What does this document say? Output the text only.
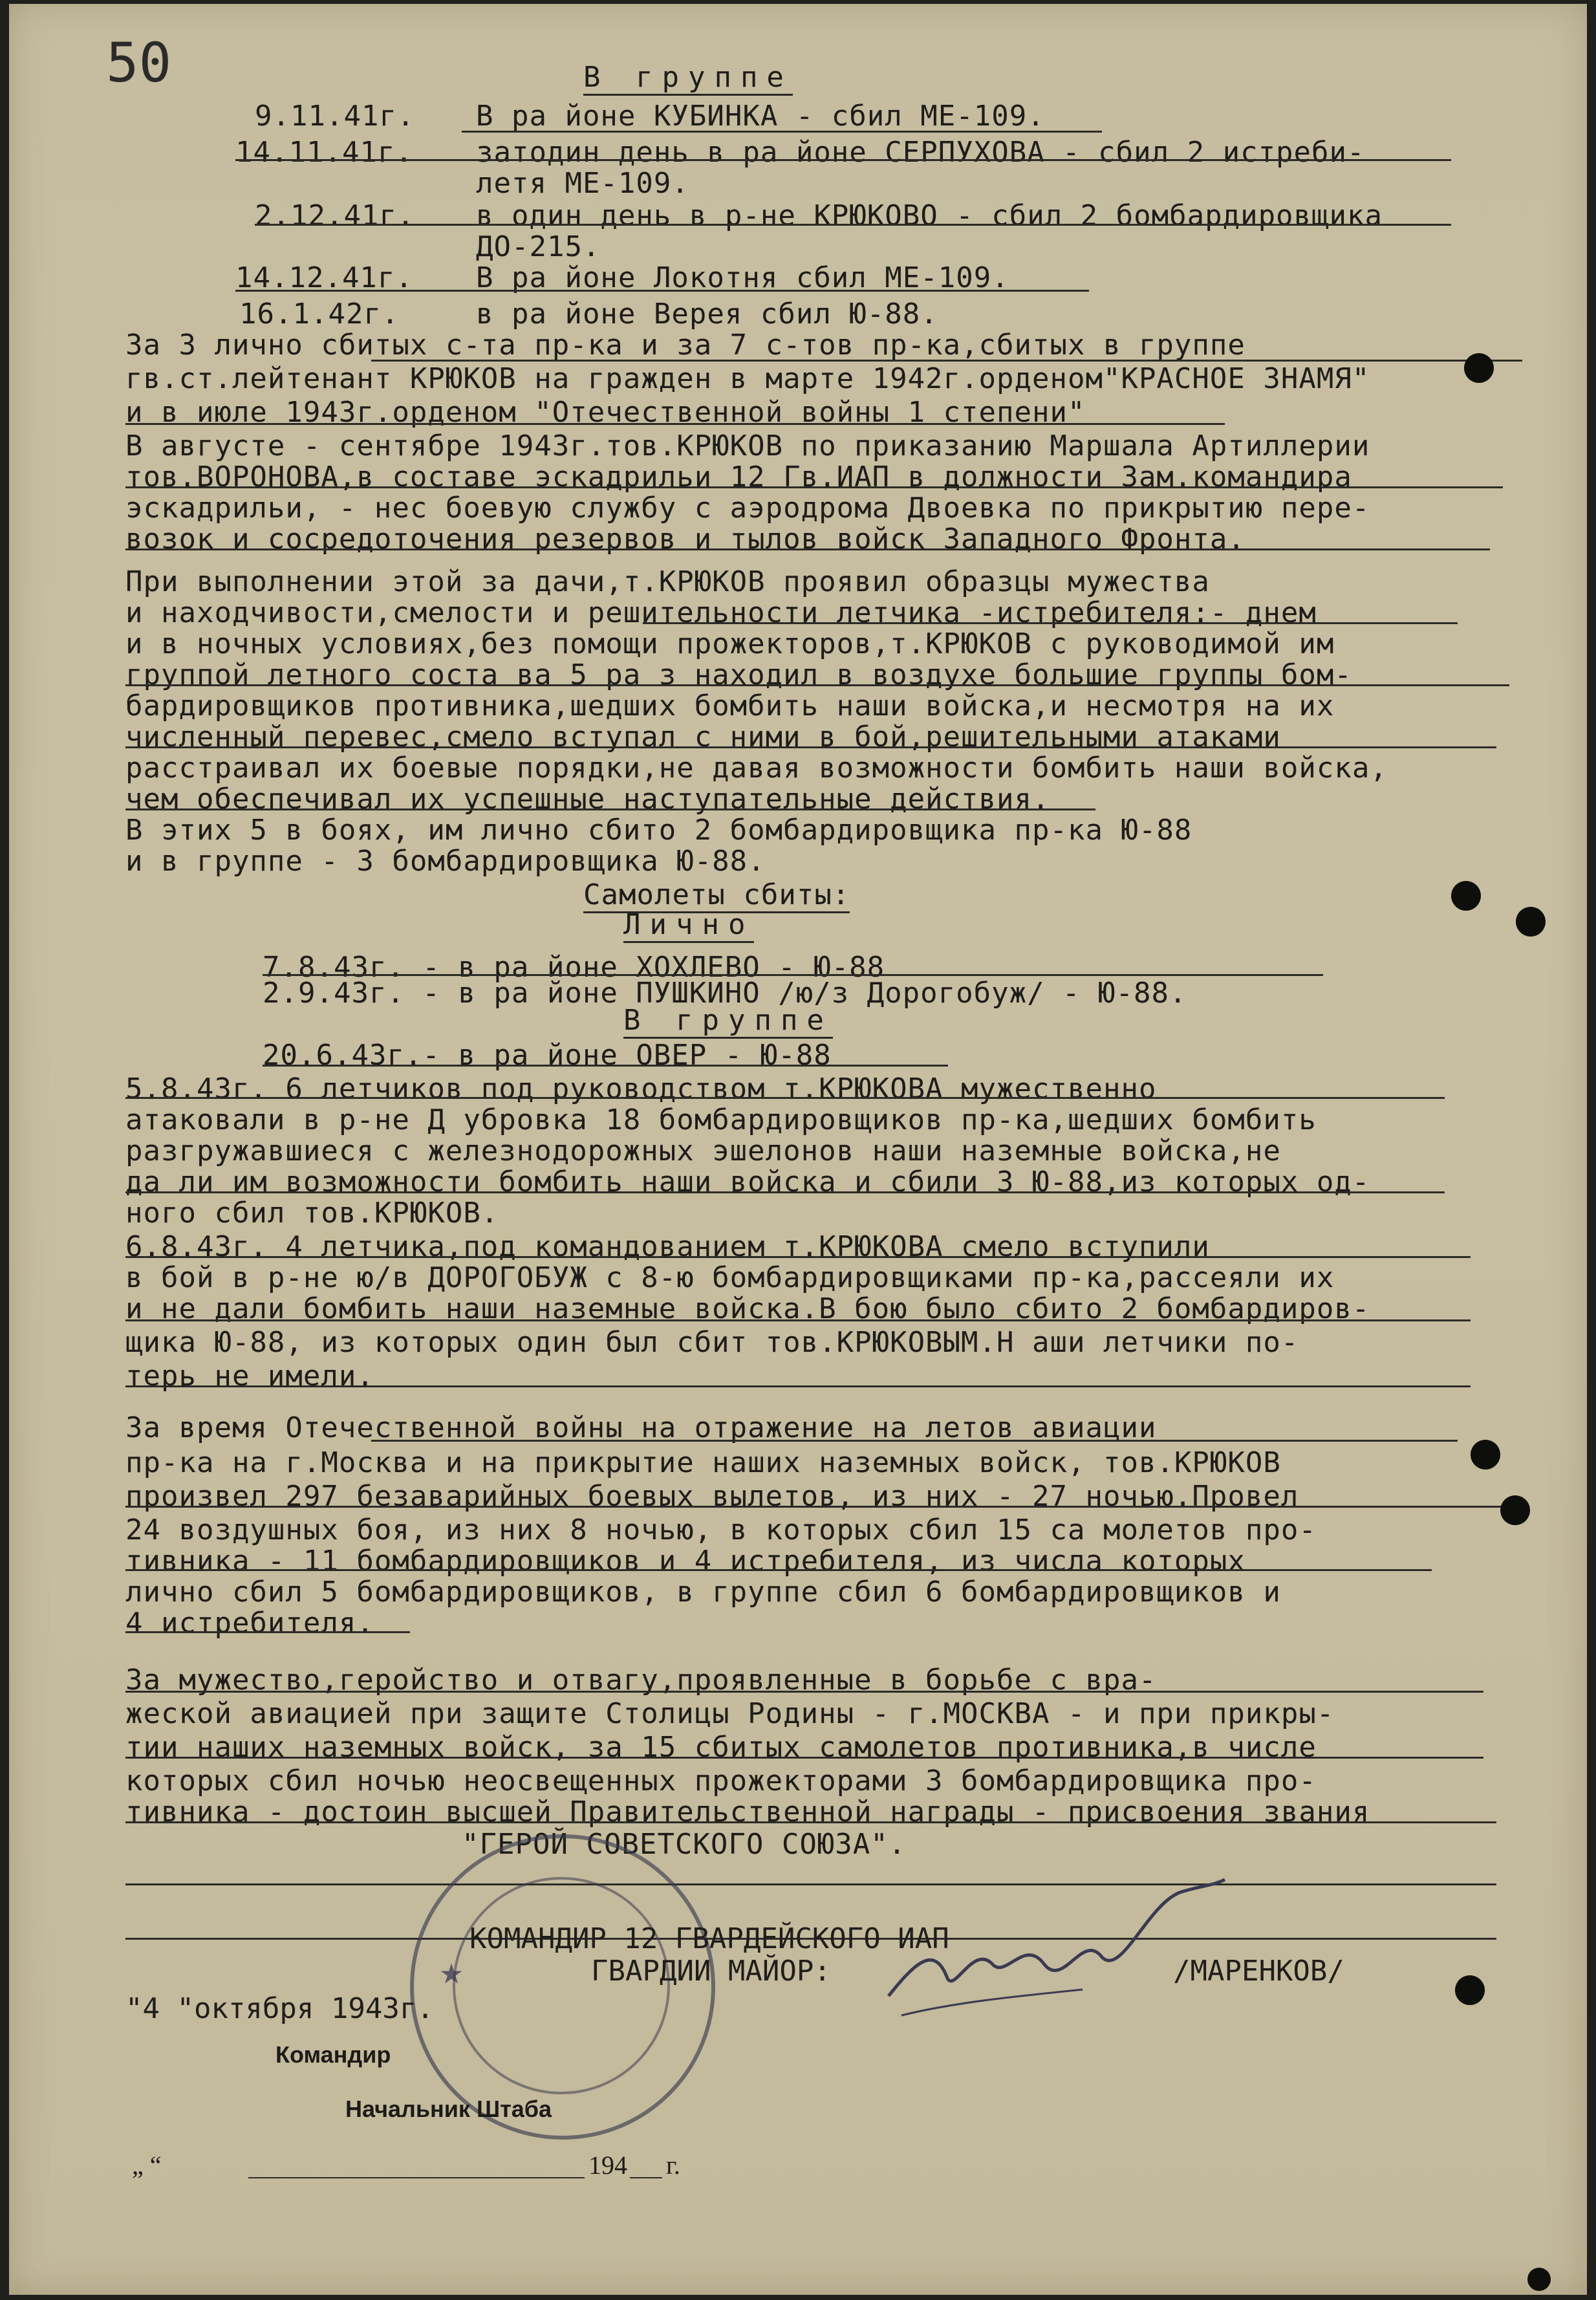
50	В группе
9.11.41г. В ра йоне КУБИНКА - сбил МЕ-109.
14.11.41г. затодин день в ра йоне СЕРПУХОВА - сбил 2 истреби-
летя МЕ-109.
2.12.41г. в один день в р-не КРЮКОВО - сбил 2 бомбардировщика
ДО-215.
14.12.41г. В ра йоне Локотня сбил МЕ-109.
16.1.42г.	в ра йоне Верея сбил Ю-88.
За 3 лично сбитых с-та пр-ка и за 7 с-тов пр-ка,сбитых в группе
гв.ст.лейтенант КРЮКОВ на гражден в марте 1942г.орденом"КРАСНОЕ ЗНАМЯ"
и в июле 1943г.орденом "Отечественной войны 1 степени"
В августе - сентябре 1943г.тов.КРЮКОВ по приказанию Маршала Артиллерии
тов.ВОРОНОВА,в составе эскадрильи 12 Гв.ИАП в должности Зам.командира
эскадрильи, - нес боевую службу с аэродрома Двоевка по прикрытию пере-
возок и сосредоточения резервов и тылов войск Западного Фронта.
При выполнении этой за дачи,т.КРЮКОВ проявил образцы мужества
и находчивости,смелости и решительности летчика -истребителя:- днем
и в ночных условиях,без помощи прожекторов,т.КРЮКОВ с руководимой им
группой летного соста ва 5 ра з находил в воздухе большие группы бом-
бардировщиков противника,шедших бомбить наши войска,и несмотря на их
численный перевес,смело вступал с ними в бой,решительными атаками
расстраивал их боевые порядки,не давая возможности бомбить наши войска,
чем обеспечивал их успешные наступательные действия.
В этих 5 в боях, им лично сбито 2 бомбардировщика пр-ка Ю-88
и в группе - 3 бомбардировщика Ю-88.
Самолеты сбиты:
Лично
7.8.43г. - в ра йоне ХОХЛЕВО - Ю-88
2.9.43г. - в ра йоне ПУШКИНО /ю/з Дорогобуж/ - Ю-88.
В группе
20.6.43г.- в ра йоне ОВЕР - Ю-88
5.8.43г. 6 летчиков под руководством т.КРЮКОВА мужественно
атаковали в р-не Д убровка 18 бомбардировщиков пр-ка,шедших бомбить
разгружавшиеся с железнодорожных эшелонов наши наземные войска,не
да ли им возможности бомбить наши войска и сбили 3 Ю-88,из которых од-
ного сбил тов.КРЮКОВ.
6.8.43г. 4 летчика,под командованием т.КРЮКОВА смело вступили
в бой в р-не ю/в ДОРОГОБУЖ с 8-ю бомбардировщиками пр-ка,рассеяли их
и не дали бомбить наши наземные войска.В бою было сбито 2 бомбардиров-
щика Ю-88, из которых один был сбит тов.КРЮКОВЫМ.Н аши летчики по-
терь не имели.
За время Отечественной войны на отражение на летов авиации
пр-ка на г.Москва и на прикрытие наших наземных войск, тов.КРЮКОВ
произвел 297 безаварийных боевых вылетов, из них - 27 ночью.Провел
24 воздушных боя, из них 8 ночью, в которых сбил 15 са молетов про-
тивника - 11 бомбардировщиков и 4 истребителя, из числа которых
лично сбил 5 бомбардировщиков, в группе сбил 6 бомбардировщиков и
4 истребителя.
За мужество,геройство и отвагу,проявленные в борьбе с вра-
жеской авиацией при защите Столицы Родины - г.МОСКВА - и при прикры-
тии наших наземных войск, за 15 сбитых самолетов противника,в числе
которых сбил ночью неосвещенных прожекторами 3 бомбардировщика про-
тивника - достоин высшей Правительственной награды - присвоения звания
"ГЕРОЙ СОВЕТСКОГО СОЮЗА".
★
КОМАНДИР 12 ГВАРДЕЙСКОГО ИАП
ГВАРДИИ МАЙОР:	/МАРЕНКОВ/
"4 "октября 1943г.
Командир
Начальник Штаба
„ “	194 г.
